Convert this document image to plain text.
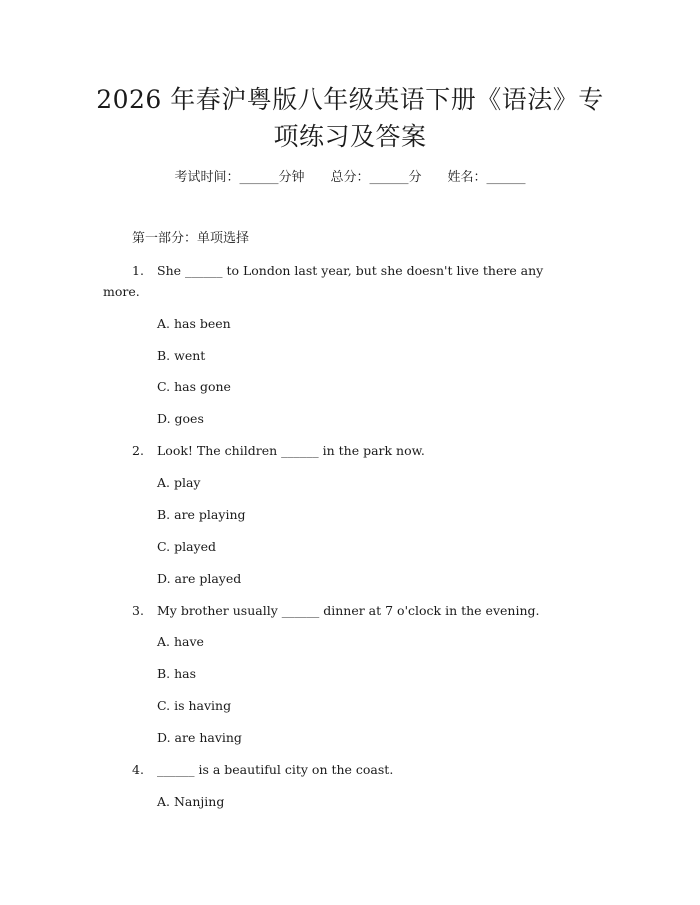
2026 年春沪粤版八年级英语下册《语法》专
项练习及答案
考试时间：______分钟 总分：______分 姓名：______
第一部分：单项选择
1. She ______ to London last year, but she doesn't live there any
more.
A. has been
B. went
C. has gone
D. goes
2. Look! The children ______ in the park now.
A. play
B. are playing
C. played
D. are played
3. My brother usually ______ dinner at 7 o'clock in the evening.
A. have
B. has
C. is having
D. are having
4. ______ is a beautiful city on the coast.
A. Nanjing
